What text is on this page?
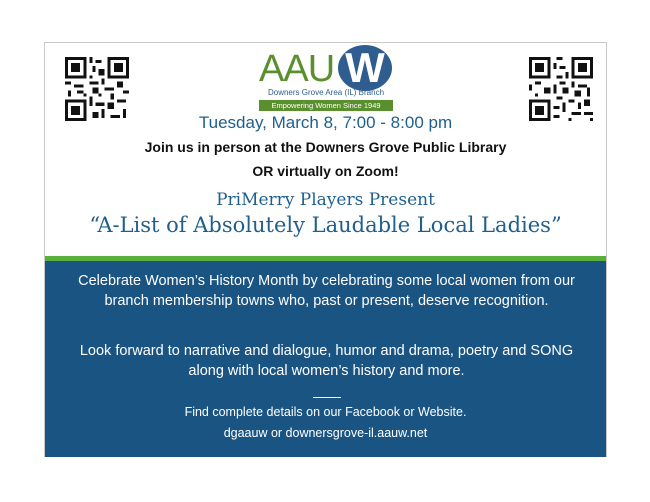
AAU W
Downers Grove Area (IL) Branch
Empowering Women Since 1949
Tuesday, March 8, 7:00 - 8:00 pm
Join us in person at the Downers Grove Public Library
OR virtually on Zoom!
PriMerry Players Present
“A-List of Absolutely Laudable Local Ladies”
Celebrate Women’s History Month by celebrating some local women from our branch membership towns who, past or present, deserve recognition.
Look forward to narrative and dialogue, humor and drama, poetry and SONG along with local women’s history and more.
Find complete details on our Facebook or Website.
dgaauw or downersgrove-il.aauw.net
